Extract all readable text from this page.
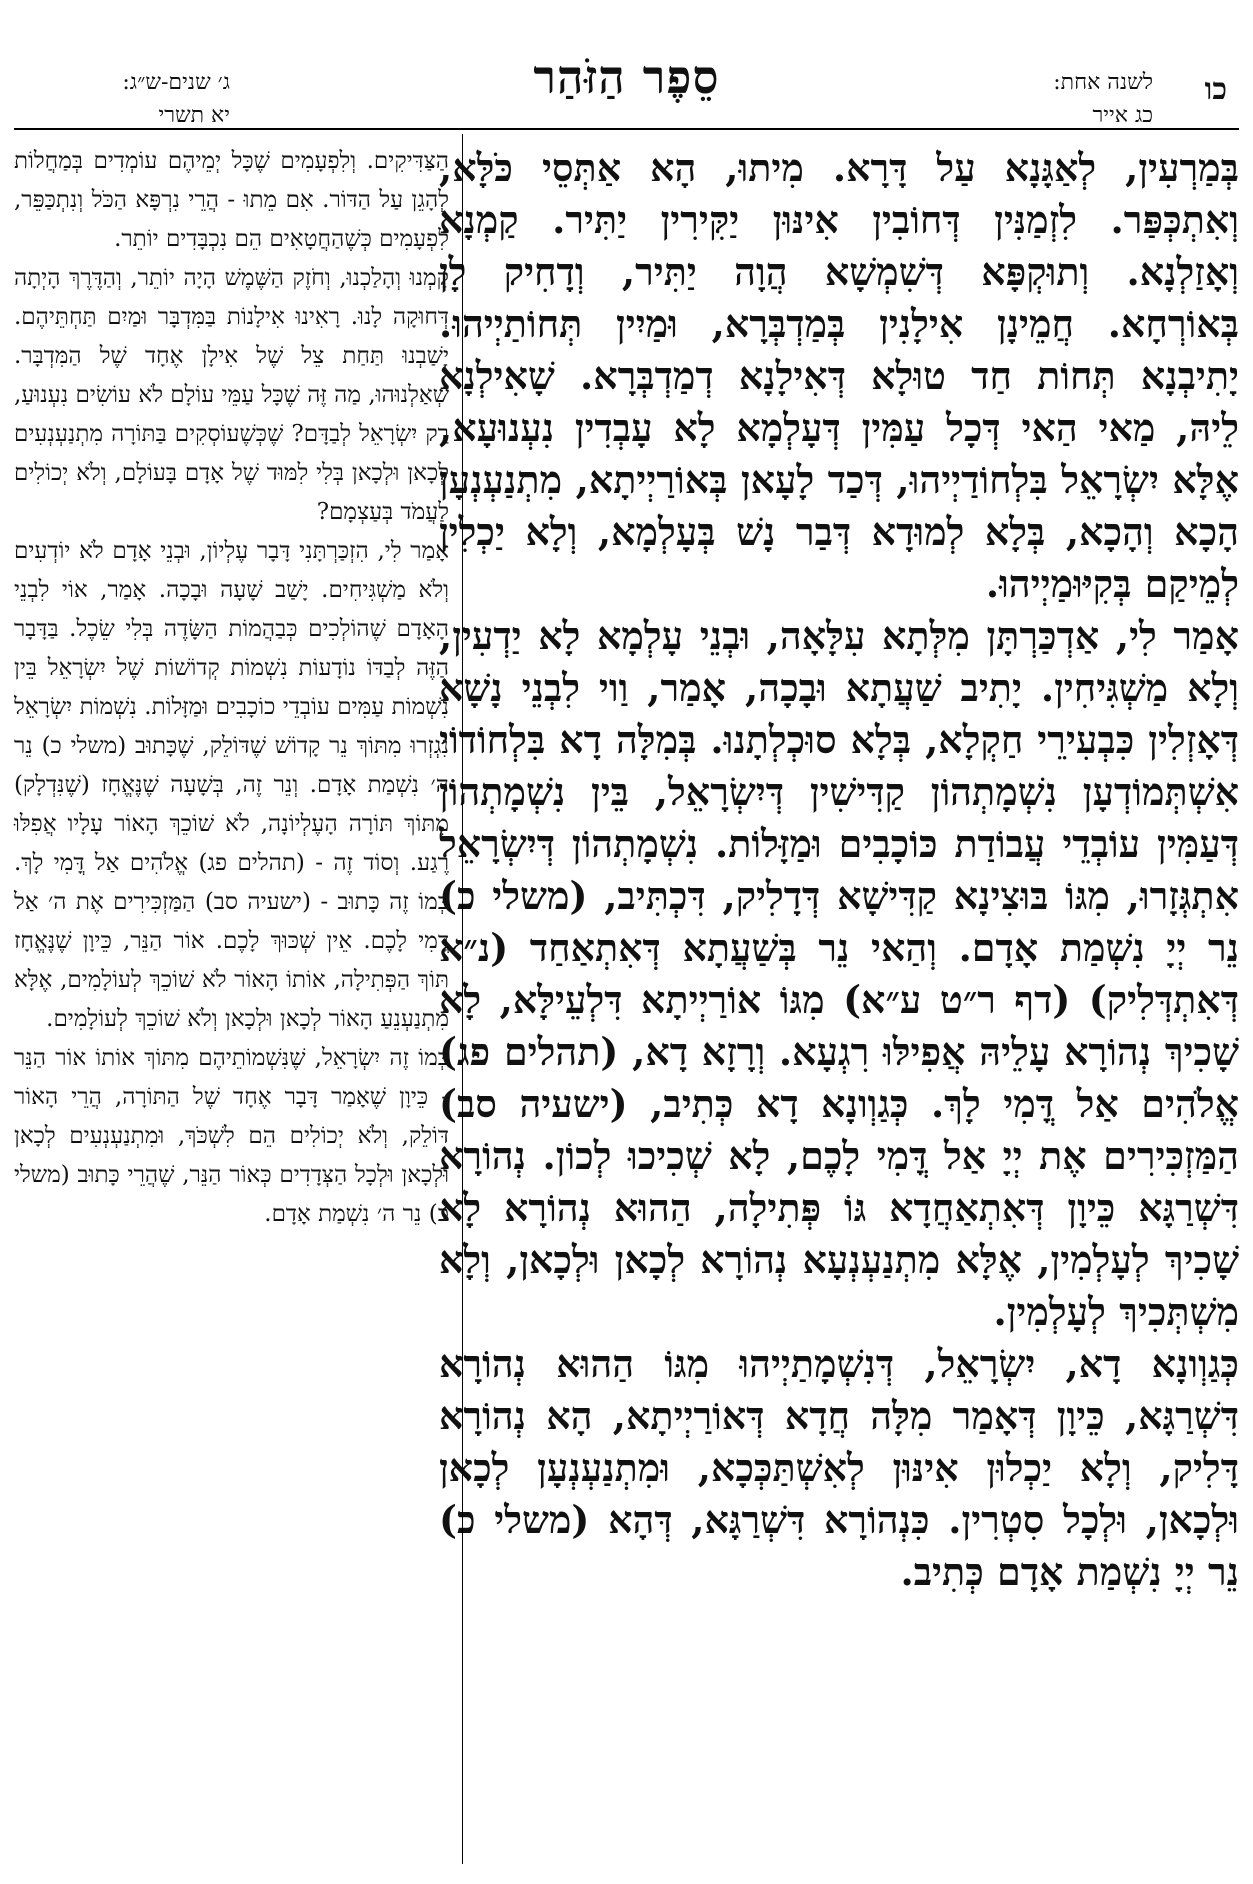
כו
לשנה אחת:
כג אייר
סֵפֶר הַזֹּהַר
ג׳ שנים-ש״ג:
יא תשרי

בְּמַרְעִין, לְאַגָּנָא עַל דָּרָא. מִיתוּ, הָא אַתְּסֵי כֹּלָּא, וְאִתְכְּפַּר. לִזְמַנִּין דְּחוֹבִין אִינּוּן יַקִּירִין יַתִּיר. קַמְנָא וְאָזַלְנָא. וְתוּקְפָּא דְּשִׁמְשָׁא הֲוָה יַתִּיר, וְדָחִיק לָן בְּאוֹרְחָא. חֲמֵינָן אִילָנִין בְּמַדְבְּרָא, וּמַיִין תְּחוֹתַיְיהוּ. יָתִיבְנָא תְּחוֹת חַד טוּלָא דְּאִילָנָא דְמַדְבְּרָא. שָׁאִילְנָא לֵיהּ, מַאי הַאי דְּכָל עַמִּין דְּעָלְמָא לָא עָבְדִין נִעְנוּעָא, אֶלָּא יִשְׂרָאֵל בִּלְחוֹדַיְיהוּ, דְּכַד לָעָאן בְּאוֹרַיְיתָא, מִתְנַעְנְעָן הָכָא וְהָכָא, בְּלָא לְמוּדָא דְּבַר נָשׁ בְּעָלְמָא, וְלָא יַכְלִין לְמֵיקַם בְּקִיּוּמַיְיהוּ.

אָמַר לִי, אַדְכַּרְתָּן מִלְּתָא עִלָּאָה, וּבְנֵי עָלְמָא לָא יַדְעִין, וְלָא מַשְׁגִּיחִין. יָתִיב שַׁעֲתָא וּבָכָה, אָמַר, וַוי לִבְנֵי נָשָׁא דְּאָזְלִין כִּבְעִירֵי חַקְלָא, בְּלָא סוּכְלְתָנוּ. בְּמִלָּה דָא בִּלְחוֹדוֹי אִשְׁתְּמוֹדְעָן נִשְׁמָתְהוֹן קַדִּישִׁין דְּיִשְׂרָאֵל, בֵּין נִשְׁמָתְהוֹן דְּעַמִּין עוֹבְדֵי עֲבוֹדַת כּוֹכָבִים וּמַזָּלוֹת. נִשְׁמָתְהוֹן דְּיִשְׂרָאֵל אִתְגְּזָרוּ, מִגּוֹ בּוּצִינָא קַדִּישָׁא דְּדָלִיק, דִּכְתִּיב, (משלי כ) נֵר יְיָ נִשְׁמַת אָדָם. וְהַאי נֵר בְּשַׁעֲתָא דְּאִתְאַחַד (נ״א דְּאִתְדְּלִיק) (דף ר״ט ע״א) מִגּוֹ אוֹרַיְיתָא דִּלְעֵילָּא, לָא שָׁכִיךְ נְהוֹרָא עָלֵיהּ אֲפִילּוּ רִגְעָא. וְרָזָא דָא, (תהלים פג) אֱלֹהִים אַל דֳּמִי לָךְ. כְּגַוְונָא דָא כְּתִיב, (ישעיה סב) הַמַּזְכִּירִים אֶת יְיָ אַל דֳּמִי לָכֶם, לָא שְׁכִיכוּ לְכוֹן. נְהוֹרָא דִּשְׁרַגָּא כֵּיוָן דְּאִתְאַחֲדָא גּוֹ פְּתִילָה, הַהוּא נְהוֹרָא לָא שָׁכִיךְ לְעָלְמִין, אֶלָּא מִתְנַעְנְעָא נְהוֹרָא לְכָאן וּלְכָאן, וְלָא מִשְׁתְּכִיךְ לְעָלְמִין.

כְּגַוְונָא דָא, יִשְׂרָאֵל, דְּנִשְׁמָתַיְיהוּ מִגּוֹ הַהוּא נְהוֹרָא דִּשְׁרַגָּא, כֵּיוָן דְּאָמַר מִלָּה חֲדָא דְּאוֹרַיְיתָא, הָא נְהוֹרָא דָּלִיק, וְלָא יַכְלוּן אִינּוּן לְאִשְׁתַּכְּכָא, וּמִתְנַעְנְעָן לְכָאן וּלְכָאן, וּלְכָל סִטְרִין. כִּנְהוֹרָא דִּשְׁרַגָּא, דְּהָא (משלי כ) נֵר יְיָ נִשְׁמַת אָדָם כְּתִיב.

הַצַּדִּיקִים. וְלִפְעָמִים שֶׁכָּל יְמֵיהֶם עוֹמְדִים בְּמַחֲלוֹת לְהָגֵן עַל הַדּוֹר. אִם מֵתוּ - הֲרֵי נִרְפָּא הַכֹּל וְנִתְכַּפֵּר, לִפְעָמִים כְּשֶׁהַחֲטָאִים הֵם נִכְבָּדִים יוֹתֵר.

קַמְנוּ וְהָלַכְנוּ, וְחֹזֶק הַשֶּׁמֶשׁ הָיָה יוֹתֵר, וְהַדֶּרֶךְ הָיְתָה דְּחוּקָה לָנוּ. רָאִינוּ אִילָנוֹת בַּמִּדְבָּר וּמַיִם תַּחְתֵּיהֶם. יָשַׁבְנוּ תַּחַת צֵל שֶׁל אִילָן אֶחָד שֶׁל הַמִּדְבָּר. שְׁאַלְנוּהוּ, מַה זֶּה שֶׁכָּל עַמֵּי עוֹלָם לֹא עוֹשִׂים נִעְנוּעַ, רַק יִשְׂרָאֵל לְבַדָּם? שֶׁכְּשֶׁעוֹסְקִים בַּתּוֹרָה מִתְנַעְנְעִים לְכָאן וּלְכָאן בְּלִי לִמּוּד שֶׁל אָדָם בָּעוֹלָם, וְלֹא יְכוֹלִים לַעֲמֹד בְּעַצְמָם?

אָמַר לִי, הִזְכַּרְתָּנִי דָּבָר עֶלְיוֹן, וּבְנֵי אָדָם לֹא יוֹדְעִים וְלֹא מַשְׁגִּיחִים. יָשַׁב שָׁעָה וּבָכָה. אָמַר, אוֹי לִבְנֵי הָאָדָם שֶׁהוֹלְכִים כְּבַהֲמוֹת הַשָּׂדֶה בְּלִי שֵׂכֶל. בַּדָּבָר הַזֶּה לְבַדּוֹ נוֹדָעוֹת נִשְׁמוֹת קְדוֹשׁוֹת שֶׁל יִשְׂרָאֵל בֵּין נִשְׁמוֹת עַמִּים עוֹבְדֵי כוֹכָבִים וּמַזָּלוֹת. נִשְׁמוֹת יִשְׂרָאֵל נִגְזְרוּ מִתּוֹךְ נֵר קָדוֹשׁ שֶׁדּוֹלֵק, שֶׁכָּתוּב (משלי כ) נֵר ה׳ נִשְׁמַת אָדָם. וְנֵר זֶה, בְּשָׁעָה שֶׁנֶּאֱחָז (שֶׁנִּדְלָק) מִתּוֹךְ תּוֹרָה הָעֶלְיוֹנָה, לֹא שׁוֹכֵךְ הָאוֹר עָלָיו אֲפִלּוּ רֶגַע. וְסוֹד זֶה - (תהלים פג) אֱלֹהִים אַל דֳּמִי לָךְ. כְּמוֹ זֶה כָּתוּב - (ישעיה סב) הַמַּזְכִּירִים אֶת ה׳ אַל דֳּמִי לָכֶם. אֵין שְׁכּוּךְ לָכֶם. אוֹר הַנֵּר, כֵּיוָן שֶׁנֶּאֱחָז תּוֹךְ הַפְּתִילָה, אוֹתוֹ הָאוֹר לֹא שׁוֹכֵךְ לְעוֹלָמִים, אֶלָּא מִתְנַעְנֵעַ הָאוֹר לְכָאן וּלְכָאן וְלֹא שׁוֹכֵךְ לְעוֹלָמִים.

כְּמוֹ זֶה יִשְׂרָאֵל, שֶׁנִּשְׁמוֹתֵיהֶם מִתּוֹךְ אוֹתוֹ אוֹר הַנֵּר - כֵּיוָן שֶׁאָמַר דָּבָר אֶחָד שֶׁל הַתּוֹרָה, הֲרֵי הָאוֹר דּוֹלֵק, וְלֹא יְכוֹלִים הֵם לִשְׁכֹּךְ, וּמִתְנַעְנְעִים לְכָאן וּלְכָאן וּלְכָל הַצְּדָדִים כְּאוֹר הַנֵּר, שֶׁהֲרֵי כָּתוּב (משלי כ) נֵר ה׳ נִשְׁמַת אָדָם.
